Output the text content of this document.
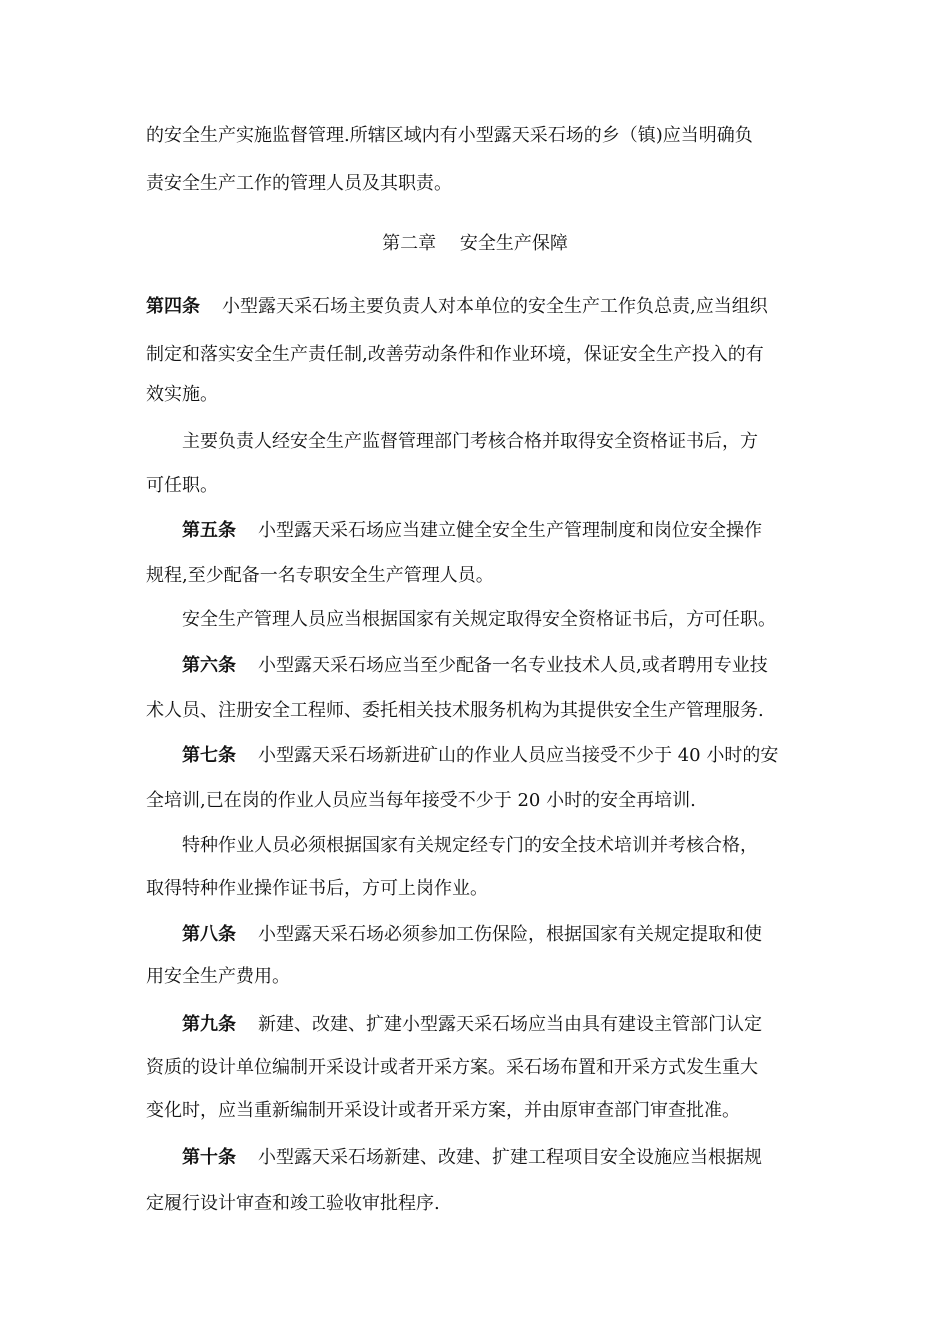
的安全生产实施监督管理.所辖区域内有小型露天采石场的乡（镇)应当明确负
责安全生产工作的管理人员及其职责。
第二章　 安全生产保障
第四条 小型露天采石场主要负责人对本单位的安全生产工作负总责,应当组织
制定和落实安全生产责任制,改善劳动条件和作业环境，保证安全生产投入的有
效实施。
主要负责人经安全生产监督管理部门考核合格并取得安全资格证书后，方
可任职。
第五条 小型露天采石场应当建立健全安全生产管理制度和岗位安全操作
规程,至少配备一名专职安全生产管理人员。
安全生产管理人员应当根据国家有关规定取得安全资格证书后，方可任职。
第六条 小型露天采石场应当至少配备一名专业技术人员,或者聘用专业技
术人员、注册安全工程师、委托相关技术服务机构为其提供安全生产管理服务.
第七条 小型露天采石场新进矿山的作业人员应当接受不少于 40 小时的安
全培训,已在岗的作业人员应当每年接受不少于 20 小时的安全再培训.
特种作业人员必须根据国家有关规定经专门的安全技术培训并考核合格，
取得特种作业操作证书后，方可上岗作业。
第八条 小型露天采石场必须参加工伤保险，根据国家有关规定提取和使
用安全生产费用。
第九条 新建、改建、扩建小型露天采石场应当由具有建设主管部门认定
资质的设计单位编制开采设计或者开采方案。采石场布置和开采方式发生重大
变化时，应当重新编制开采设计或者开采方案，并由原审查部门审查批准。
第十条 小型露天采石场新建、改建、扩建工程项目安全设施应当根据规
定履行设计审查和竣工验收审批程序.
